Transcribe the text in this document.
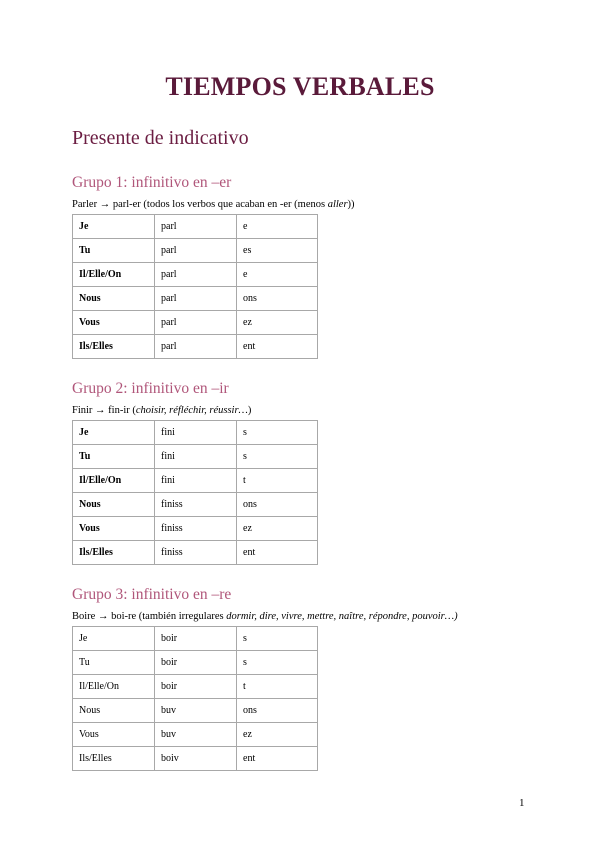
TIEMPOS VERBALES
Presente de indicativo
Grupo 1: infinitivo en –er
Parler → parl-er (todos los verbos que acaban en -er (menos aller))
Je	parl	e
Tu	parl	es
Il/Elle/On	parl	e
Nous	parl	ons
Vous	parl	ez
Ils/Elles	parl	ent
Grupo 2: infinitivo en –ir
Finir → fin-ir (choisir, réfléchir, réussir…)
Je	fini	s
Tu	fini	s
Il/Elle/On	fini	t
Nous	finiss	ons
Vous	finiss	ez
Ils/Elles	finiss	ent
Grupo 3: infinitivo en –re
Boire → boi-re (también irregulares dormir, dire, vivre, mettre, naître, répondre, pouvoir…)
Je	boir	s
Tu	boir	s
Il/Elle/On	boir	t
Nous	buv	ons
Vous	buv	ez
Ils/Elles	boiv	ent
1
